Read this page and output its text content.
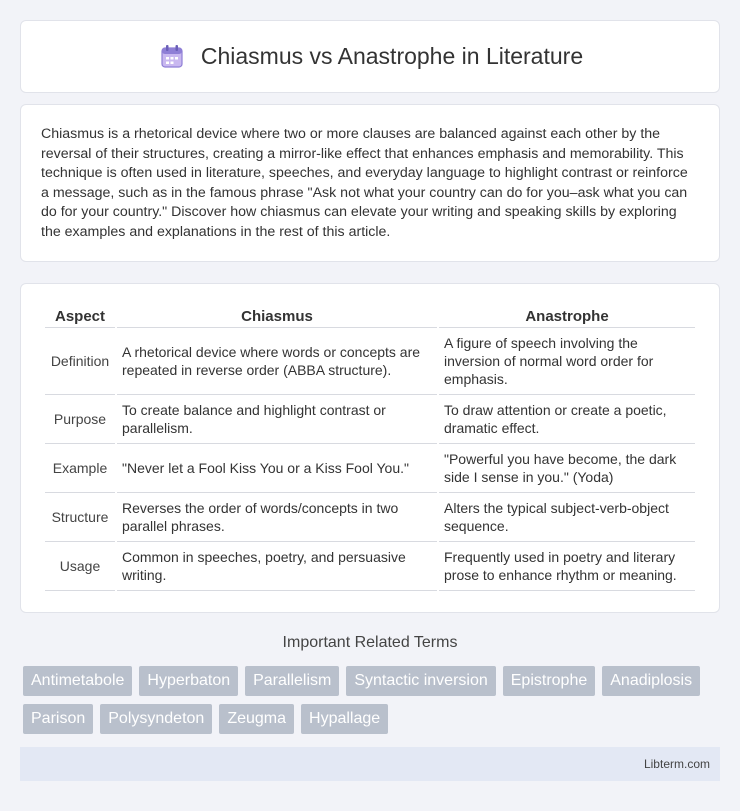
Chiasmus vs Anastrophe in Literature

Chiasmus is a rhetorical device where two or more clauses are balanced against each other by the reversal of their structures, creating a mirror-like effect that enhances emphasis and memorability. This technique is often used in literature, speeches, and everyday language to highlight contrast or reinforce a message, such as in the famous phrase "Ask not what your country can do for you–ask what you can do for your country." Discover how chiasmus can elevate your writing and speaking skills by exploring the examples and explanations in the rest of this article.

Aspect	Chiasmus	Anastrophe
Definition	A rhetorical device where words or concepts are repeated in reverse order (ABBA structure).	A figure of speech involving the inversion of normal word order for emphasis.
Purpose	To create balance and highlight contrast or parallelism.	To draw attention or create a poetic, dramatic effect.
Example	"Never let a Fool Kiss You or a Kiss Fool You."	"Powerful you have become, the dark side I sense in you." (Yoda)
Structure	Reverses the order of words/concepts in two parallel phrases.	Alters the typical subject-verb-object sequence.
Usage	Common in speeches, poetry, and persuasive writing.	Frequently used in poetry and literary prose to enhance rhythm or meaning.
Important Related Terms
Antimetabole	Hyperbaton	Parallelism	Syntactic inversion	Epistrophe	Anadiplosis
Parison	Polysyndeton	Zeugma	Hypallage
Libterm.com
